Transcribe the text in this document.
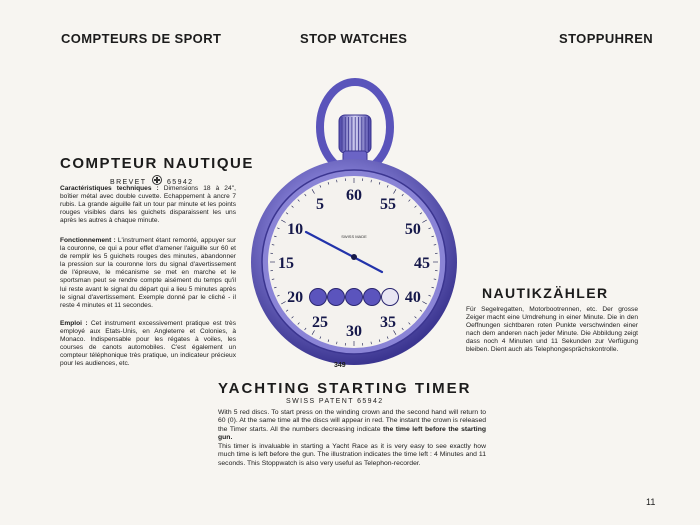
COMPTEURS DE SPORT	STOP WATCHES	STOPPUHREN
COMPTEUR NAUTIQUE
BREVET	65942
Caractéristiques techniques : Dimensions 18 à 24'', boîtier métal avec double cuvette. Echappement à ancre 7 rubis. La grande aiguille fait un tour par minute et les points rouges visibles dans les guichets disparaissent les uns après les autres à chaque minute.
Fonctionnement : L'instrument étant remonté, appuyer sur la couronne, ce qui a pour effet d'amener l'aiguille sur 60 et de remplir les 5 guichets rouges des minutes, abandonner la pression sur la couronne lors du signal d'avertissement de l'épreuve, le mécanisme se met en marche et le sportsman peut se rendre compte aisément du temps qu'il lui reste avant le signal du départ qui a lieu 5 minutes après le signal d'avertissement. Exemple donné par le cliché - il reste 4 minutes et 11 secondes.
Emploi : Cet instrument excessivement pratique est très employé aux Etats-Unis, en Angleterre et Colonies, à Monaco. Indispensable pour les régates à voiles, les courses de canots automobiles. C'est également un compteur téléphonique très pratique, un indicateur précieux pour les audiences, etc.
5
60
55
50
45
40
35
30
25
20
15
10	SWISS MADE
349
NAUTIKZÄHLER
Für Segelregatten, Motorbootrennen, etc. Der grosse Zeiger macht eine Umdrehung in einer Minute. Die in den Oeffnungen sichtbaren roten Punkte verschwinden einer nach dem anderen nach jeder Minute. Die Abbildung zeigt dass noch 4 Minuten und 11 Sekunden zur Verfügung bleiben. Dient auch als Telephongesprächskontrolle.
YACHTING STARTING TIMER
SWISS PATENT 65942
With 5 red discs. To start press on the winding crown and the second hand will return to 60 (0). At the same time all the discs will appear in red. The instant the crown is released the Timer starts. All the numbers decreasing indicate the time left before the starting gun.
This timer is invaluable in starting a Yacht Race as it is very easy to see exactly how much time is left before the gun. The illustration indicates the time left : 4 Minutes and 11 seconds. This Stoppwatch is also very useful as Telephon-recorder.
11
